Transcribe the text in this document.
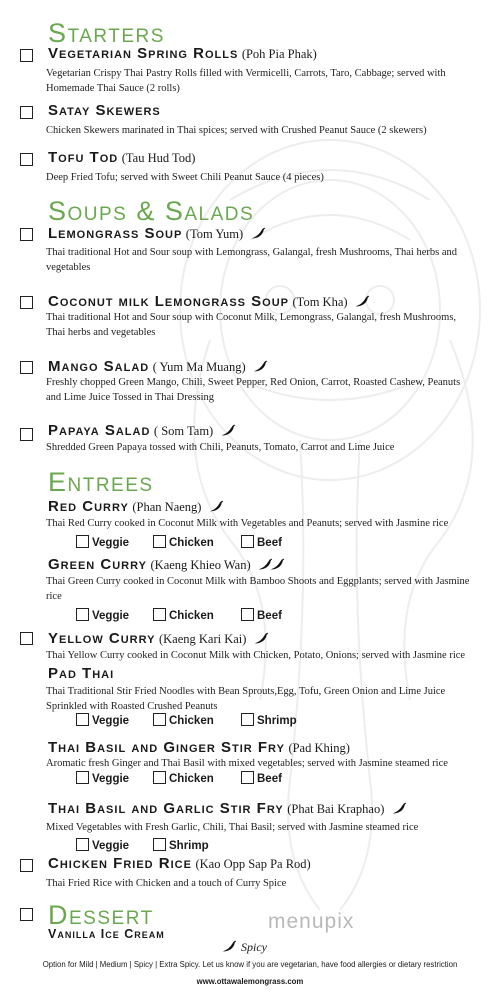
Starters
Soups & Salads
Entrees
Vegetarian Spring Rolls (Poh Pia Phak)
Vegetarian Crispy Thai Pastry Rolls filled with Vermicelli, Carrots, Taro, Cabbage; served with Homemade Thai Sauce (2 rolls)
Satay Skewers
Chicken Skewers marinated in Thai spices; served with Crushed Peanut Sauce (2 skewers)
Tofu Tod (Tau Hud Tod)
Deep Fried Tofu; served with Sweet Chili Peanut Sauce (4 pieces)
Lemongrass Soup (Tom Yum)
Thai traditional Hot and Sour soup with Lemongrass, Galangal, fresh Mushrooms, Thai herbs and vegetables
Coconut milk Lemongrass Soup (Tom Kha)
Thai traditional Hot and Sour soup with Coconut Milk, Lemongrass, Galangal, fresh Mushrooms, Thai herbs and vegetables
Mango Salad ( Yum Ma Muang)
Freshly chopped Green Mango, Chili, Sweet Pepper, Red Onion, Carrot, Roasted Cashew, Peanuts and Lime Juice Tossed in Thai Dressing
Papaya Salad ( Som Tam)
Shredded Green Papaya tossed with Chili, Peanuts, Tomato, Carrot and Lime Juice
Red Curry (Phan Naeng)
Thai Red Curry cooked in Coconut Milk with Vegetables and Peanuts; served with Jasmine rice
Veggie	Chicken	Beef
Green Curry (Kaeng Khieo Wan)
Thai Green Curry cooked in Coconut Milk with Bamboo Shoots and Eggplants; served with Jasmine rice
Veggie	Chicken	Beef
Yellow Curry (Kaeng Kari Kai)
Thai Yellow Curry cooked in Coconut Milk with Chicken, Potato, Onions; served with Jasmine rice
Pad Thai
Thai Traditional Stir Fried Noodles with Bean Sprouts,Egg, Tofu, Green Onion and Lime Juice Sprinkled with Roasted Crushed Peanuts
Veggie	Chicken	Shrimp
Thai Basil and Ginger Stir Fry (Pad Khing)
Aromatic fresh Ginger and Thai Basil with mixed vegetables; served with Jasmine steamed rice
Veggie	Chicken	Beef
Thai Basil and Garlic Stir Fry (Phat Bai Kraphao)
Mixed Vegetables with Fresh Garlic, Chili, Thai Basil; served with Jasmine steamed rice
Veggie	Shrimp
Chicken Fried Rice (Kao Opp Sap Pa Rod)
Thai Fried Rice with Chicken and a touch of Curry Spice
Dessert
Vanilla Ice Cream
menupix
Spicy
Option for Mild | Medium | Spicy | Extra Spicy. Let us know if you are vegetarian, have food allergies or dietary restriction
www.ottawalemongrass.com
